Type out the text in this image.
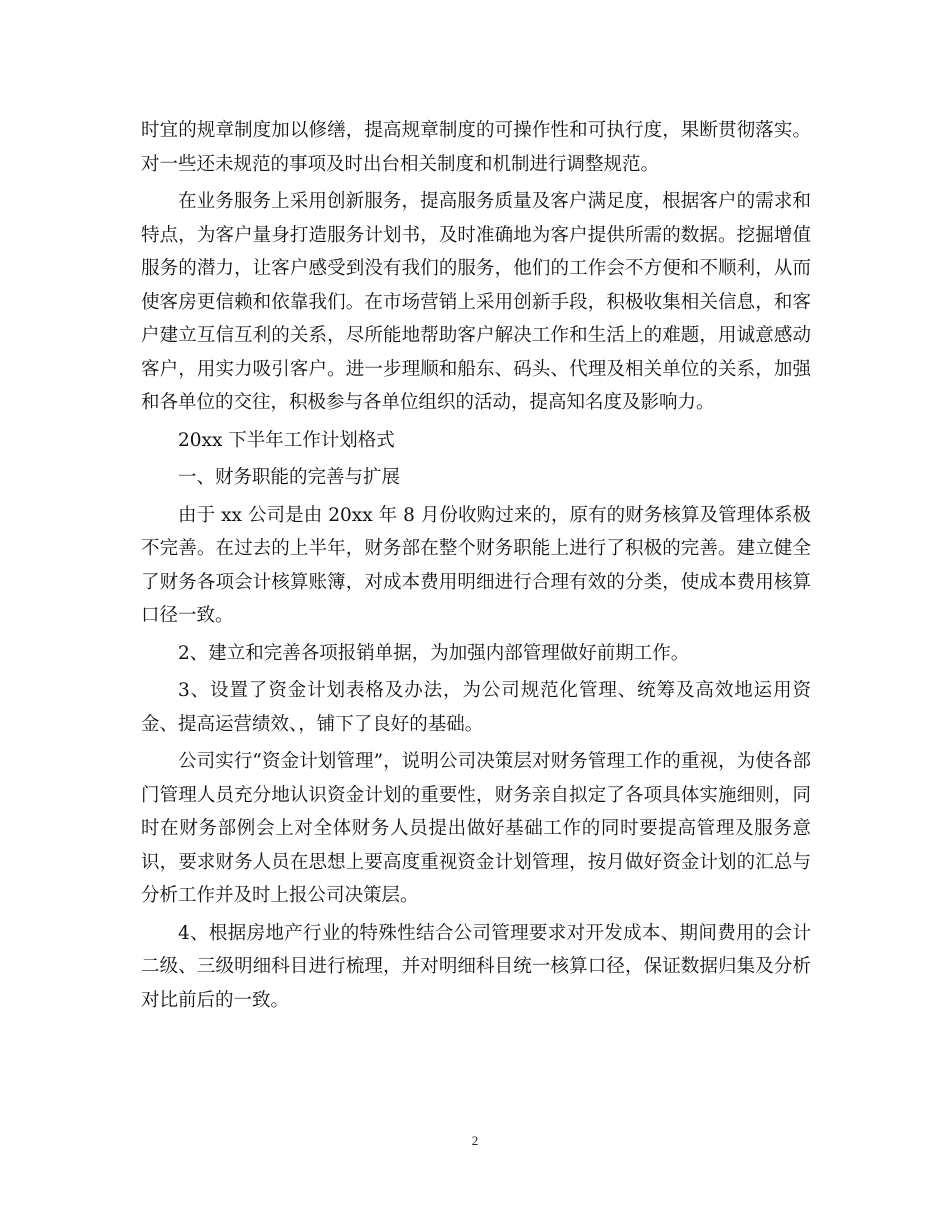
时宜的规章制度加以修缮，提高规章制度的可操作性和可执行度，果断贯彻落实。对一些还未规范的事项及时出台相关制度和机制进行调整规范。

在业务服务上采用创新服务，提高服务质量及客户满足度，根据客户的需求和特点，为客户量身打造服务计划书，及时准确地为客户提供所需的数据。挖掘增值服务的潜力，让客户感受到没有我们的服务，他们的工作会不方便和不顺利，从而使客房更信赖和依靠我们。在市场营销上采用创新手段，积极收集相关信息，和客户建立互信互利的关系，尽所能地帮助客户解决工作和生活上的难题，用诚意感动客户，用实力吸引客户。进一步理顺和船东、码头、代理及相关单位的关系，加强和各单位的交往，积极参与各单位组织的活动，提高知名度及影响力。

20xx 下半年工作计划格式

一、财务职能的完善与扩展

由于 xx 公司是由 20xx 年 8 月份收购过来的，原有的财务核算及管理体系极不完善。在过去的上半年，财务部在整个财务职能上进行了积极的完善。建立健全了财务各项会计核算账簿，对成本费用明细进行合理有效的分类，使成本费用核算口径一致。

2、建立和完善各项报销单据，为加强内部管理做好前期工作。

3、设置了资金计划表格及办法，为公司规范化管理、统筹及高效地运用资金、提高运营绩效、，铺下了良好的基础。

公司实行“资金计划管理”，说明公司决策层对财务管理工作的重视，为使各部门管理人员充分地认识资金计划的重要性，财务亲自拟定了各项具体实施细则，同时在财务部例会上对全体财务人员提出做好基础工作的同时要提高管理及服务意识，要求财务人员在思想上要高度重视资金计划管理，按月做好资金计划的汇总与分析工作并及时上报公司决策层。

4、根据房地产行业的特殊性结合公司管理要求对开发成本、期间费用的会计二级、三级明细科目进行梳理，并对明细科目统一核算口径，保证数据归集及分析对比前后的一致。

2
